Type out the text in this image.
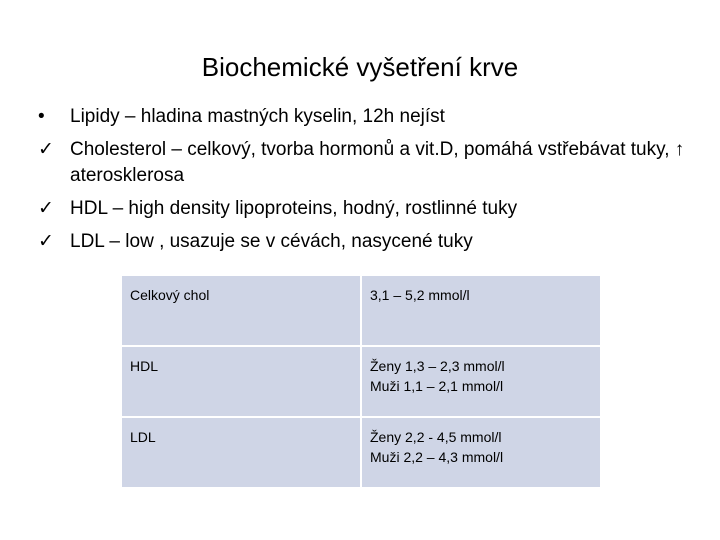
Biochemické vyšetření krve
•	Lipidy – hladina mastných kyselin, 12h nejíst
✓ Cholesterol – celkový, tvorba hormonů a vit.D, pomáhá vstřebávat tuky, ↑ aterosklerosa
✓ HDL – high density lipoproteins, hodný, rostlinné tuky
✓ LDL – low , usazuje se v cévách, nasycené tuky
Celkový chol	3,1 – 5,2 mmol/l

HDL	Ženy 1,3 – 2,3 mmol/l
Muži 1,1 – 2,1 mmol/l

LDL	Ženy 2,2 - 4,5 mmol/l
Muži 2,2 – 4,3 mmol/l
